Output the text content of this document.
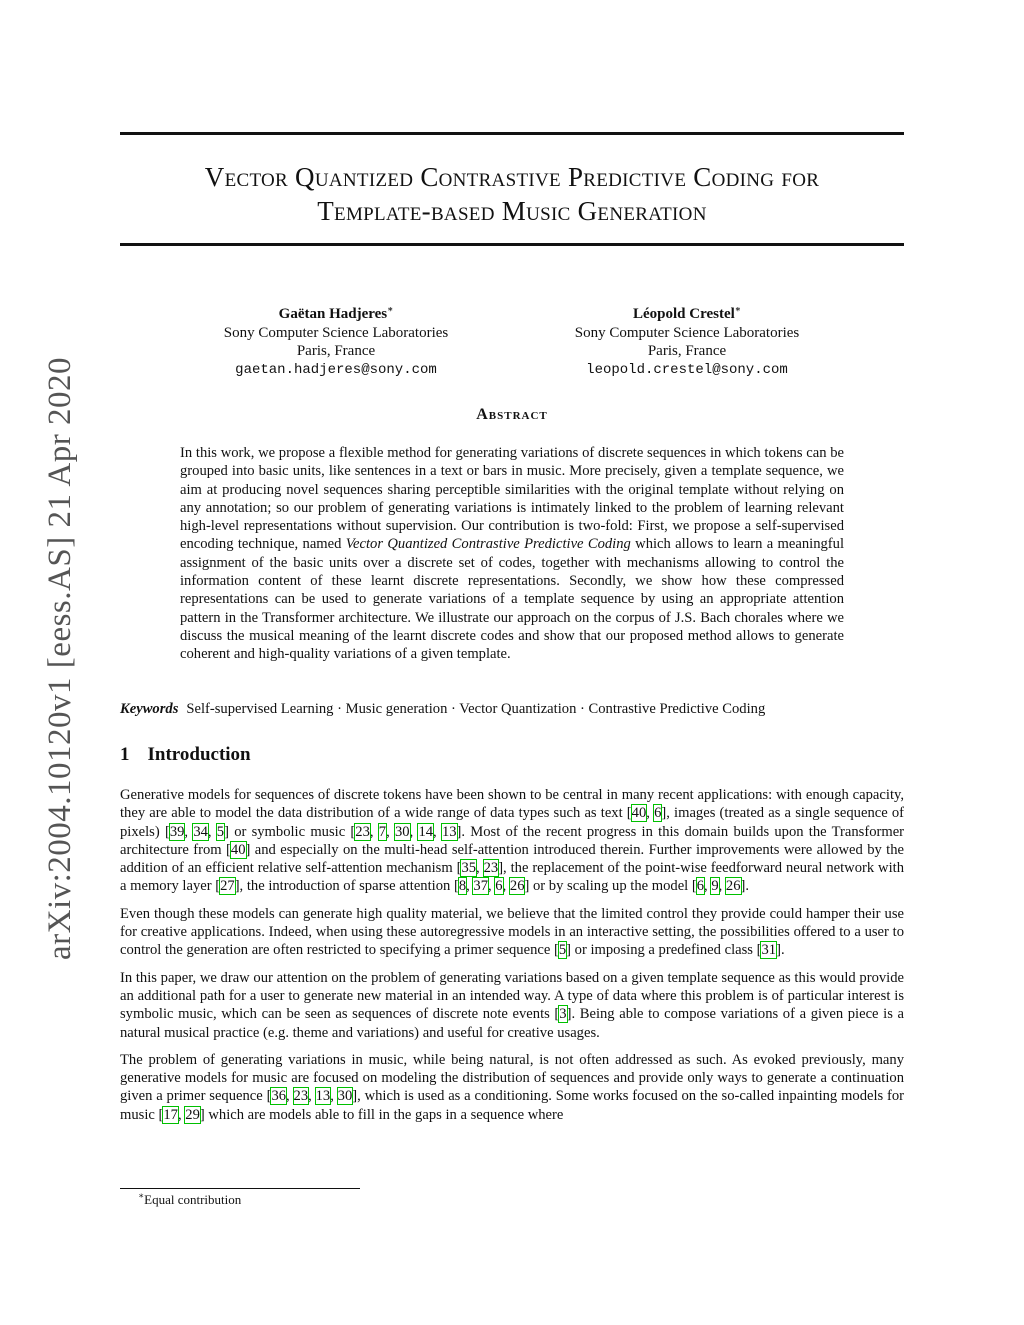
arXiv:2004.10120v1 [eess.AS] 21 Apr 2020
Vector Quantized Contrastive Predictive Coding for
Template-based Music Generation
Gaëtan Hadjeres∗
Sony Computer Science Laboratories
Paris, France
gaetan.hadjeres@sony.com
Léopold Crestel∗
Sony Computer Science Laboratories
Paris, France
leopold.crestel@sony.com
Abstract
In this work, we propose a flexible method for generating variations of discrete sequences in which tokens can be grouped into basic units, like sentences in a text or bars in music. More precisely, given a template sequence, we aim at producing novel sequences sharing perceptible similarities with the original template without relying on any annotation; so our problem of generating variations is intimately linked to the problem of learning relevant high-level representations without supervision. Our contribution is two-fold: First, we propose a self-supervised encoding technique, named Vector Quantized Contrastive Predictive Coding which allows to learn a meaningful assignment of the basic units over a discrete set of codes, together with mechanisms allowing to control the information content of these learnt discrete representations. Secondly, we show how these compressed representations can be used to generate variations of a template sequence by using an appropriate attention pattern in the Transformer architecture. We illustrate our approach on the corpus of J.S. Bach chorales where we discuss the musical meaning of the learnt discrete codes and show that our proposed method allows to generate coherent and high-quality variations of a given template.
Keywords Self-supervised Learning · Music generation · Vector Quantization · Contrastive Predictive Coding
1 Introduction

Generative models for sequences of discrete tokens have been shown to be central in many recent applications: with enough capacity, they are able to model the data distribution of a wide range of data types such as text [40, 6], images (treated as a single sequence of pixels) [39, 34, 5] or symbolic music [23, 7, 30, 14, 13]. Most of the recent progress in this domain builds upon the Transformer architecture from [40] and especially on the multi-head self-attention introduced therein. Further improvements were allowed by the addition of an efficient relative self-attention mechanism [35, 23], the replacement of the point-wise feedforward neural network with a memory layer [27], the introduction of sparse attention [8, 37, 6, 26] or by scaling up the model [6, 9, 26].

Even though these models can generate high quality material, we believe that the limited control they provide could hamper their use for creative applications. Indeed, when using these autoregressive models in an interactive setting, the possibilities offered to a user to control the generation are often restricted to specifying a primer sequence [5] or imposing a predefined class [31].

In this paper, we draw our attention on the problem of generating variations based on a given template sequence as this would provide an additional path for a user to generate new material in an intended way. A type of data where this problem is of particular interest is symbolic music, which can be seen as sequences of discrete note events [3]. Being able to compose variations of a given piece is a natural musical practice (e.g. theme and variations) and useful for creative usages.

The problem of generating variations in music, while being natural, is not often addressed as such. As evoked previously, many generative models for music are focused on modeling the distribution of sequences and provide only ways to generate a continuation given a primer sequence [36, 23, 13, 30], which is used as a conditioning. Some works focused on the so-called inpainting models for music [17, 29] which are models able to fill in the gaps in a sequence where

∗Equal contribution
